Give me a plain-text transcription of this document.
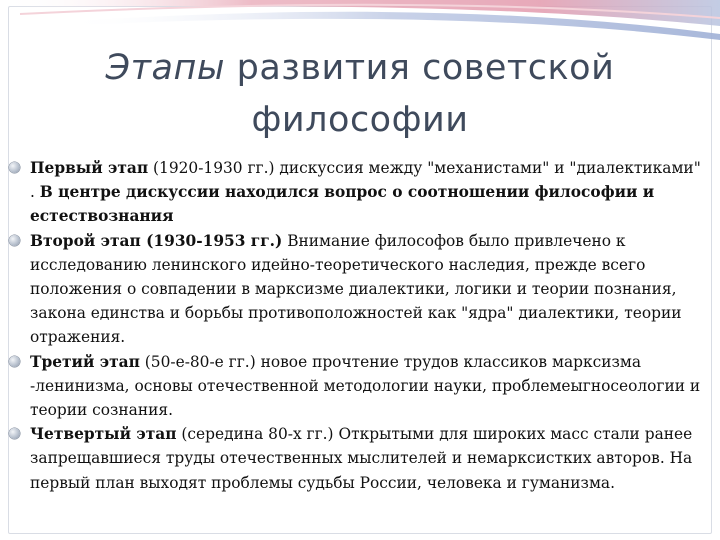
Этапы развития советской философии
Первый этап (1920-1930 гг.) дискуссия между "механистами" и "диалектиками" . В центре дискуссии находился вопрос о соотношении философии и естествознания
Второй этап (1930-1953 гг.) Внимание философов было привлечено к исследованию ленинского идейно-теоретического наследия, прежде всего положения о совпадении в марксизме диалектики, логики и теории познания, закона единства и борьбы противоположностей как "ядра" диалектики, теории отражения.
Третий этап (50-е-80-е гг.) новое прочтение трудов классиков марксизма -ленинизма, основы отечественной методологии науки, проблемеыгносеологии и теории сознания.
Четвертый этап (середина 80-х гг.) Открытыми для широких масс стали ранее запрещавшиеся труды отечественных мыслителей и немарксистких авторов. На первый план выходят проблемы судьбы России, человека и гуманизма.
